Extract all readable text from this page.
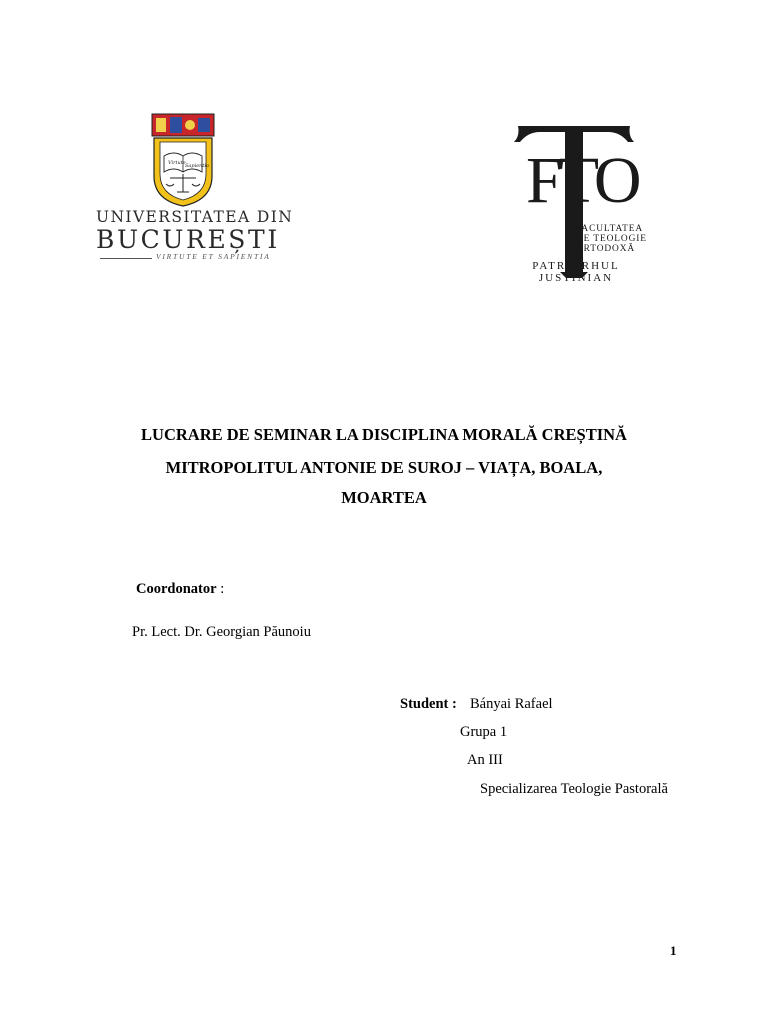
Virtute Sapientia
UNIVERSITATEA DIN
BUCUREȘTI
VIRTUTE ET SAPIENTIA
FTO
FACULTATEA
DE TEOLOGIE
ORTODOXĂ
PATRIARHUL
JUSTINIAN
LUCRARE DE SEMINAR LA DISCIPLINA MORALĂ CREȘTINĂ
MITROPOLITUL ANTONIE DE SUROJ – VIAȚA, BOALA,
MOARTEA
Coordonator :
Pr. Lect. Dr. Georgian Păunoiu
Student : Bányai Rafael
Grupa 1
An III
Specializarea Teologie Pastorală
1
